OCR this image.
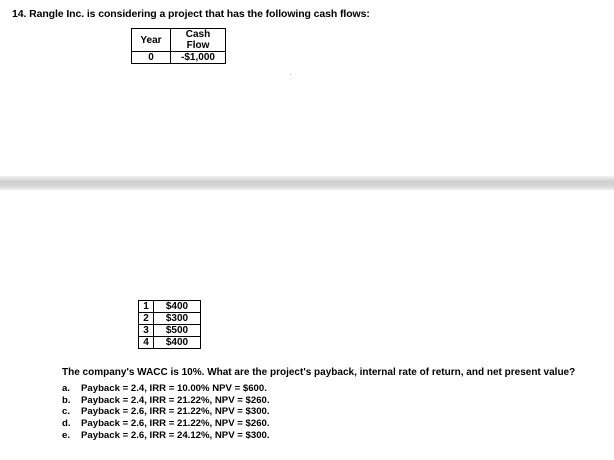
14. Rangle Inc. is considering a project that has the following cash flows:
Year	Cash Flow
0	-$1,000
1	$400
2	$300
3	$500
4	$400
The company's WACC is 10%. What are the project's payback, internal rate of return, and net present value?
a. Payback = 2.4, IRR = 10.00% NPV = $600.
b. Payback = 2.4, IRR = 21.22%, NPV = $260.
c. Payback = 2.6, IRR = 21.22%, NPV = $300.
d. Payback = 2.6, IRR = 21.22%, NPV = $260.
e. Payback = 2.6, IRR = 24.12%, NPV = $300.
